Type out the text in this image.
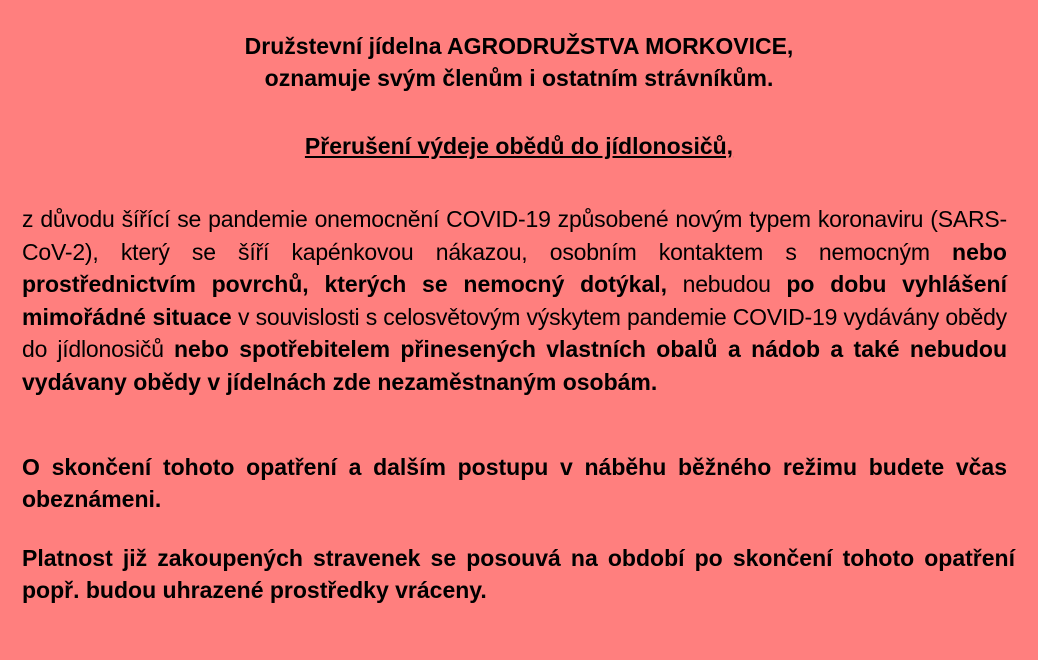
Družstevní jídelna AGRODRUŽSTVA MORKOVICE,
oznamuje svým členům i ostatním strávníkům.
Přerušení výdeje obědů do jídlonosičů,
z důvodu šířící se pandemie onemocnění COVID-19 způsobené novým typem koronaviru (SARS-CoV-2), který se šíří kapénkovou nákazou, osobním kontaktem s nemocným nebo prostřednictvím povrchů, kterých se nemocný dotýkal, nebudou po dobu vyhlášení mimořádné situace v souvislosti s celosvětovým výskytem pandemie COVID-19 vydávány obědy do jídlonosičů nebo spotřebitelem přinesených vlastních obalů a nádob a také nebudou vydávany obědy v jídelnách zde nezaměstnaným osobám.
O skončení tohoto opatření a dalším postupu v náběhu běžného režimu budete včas obeznámeni.
Platnost již zakoupených stravenek se posouvá na období po skončení tohoto opatření popř. budou uhrazené prostředky vráceny.
